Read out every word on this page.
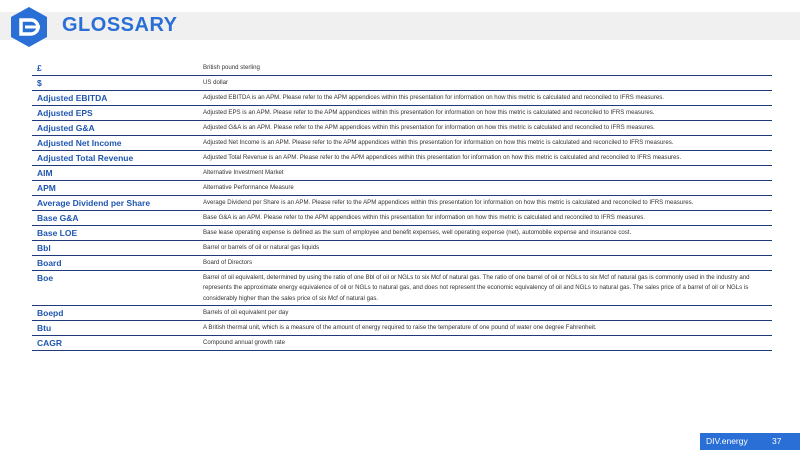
GLOSSARY
£	British pound sterling
$	US dollar
Adjusted EBITDA	Adjusted EBITDA is an APM. Please refer to the APM appendices within this presentation for information on how this metric is calculated and reconciled to IFRS measures.
Adjusted EPS	Adjusted EPS is an APM. Please refer to the APM appendices within this presentation for information on how this metric is calculated and reconciled to IFRS measures.
Adjusted G&A	Adjusted G&A is an APM. Please refer to the APM appendices within this presentation for information on how this metric is calculated and reconciled to IFRS measures.
Adjusted Net Income	Adjusted Net Income is an APM. Please refer to the APM appendices within this presentation for information on how this metric is calculated and reconciled to IFRS measures.
Adjusted Total Revenue	Adjusted Total Revenue is an APM. Please refer to the APM appendices within this presentation for information on how this metric is calculated and reconciled to IFRS measures.
AIM	Alternative Investment Market
APM	Alternative Performance Measure
Average Dividend per Share	Average Dividend per Share is an APM. Please refer to the APM appendices within this presentation for information on how this metric is calculated and reconciled to IFRS measures.
Base G&A	Base G&A is an APM. Please refer to the APM appendices within this presentation for information on how this metric is calculated and reconciled to IFRS measures.
Base LOE	Base lease operating expense is defined as the sum of employee and benefit expenses, well operating expense (net), automobile expense and insurance cost.
Bbl	Barrel or barrels of oil or natural gas liquids
Board	Board of Directors
Boe	Barrel of oil equivalent, determined by using the ratio of one Bbl of oil or NGLs to six Mcf of natural gas. The ratio of one barrel of oil or NGLs to six Mcf of natural gas is commonly used in the industry and represents the approximate energy equivalence of oil or NGLs to natural gas, and does not represent the economic equivalency of oil and NGLs to natural gas. The sales price of a barrel of oil or NGLs is considerably higher than the sales price of six Mcf of natural gas.
Boepd	Barrels of oil equivalent per day
Btu	A British thermal unit, which is a measure of the amount of energy required to raise the temperature of one pound of water one degree Fahrenheit.
CAGR	Compound annual growth rate
DIV.energy	37
